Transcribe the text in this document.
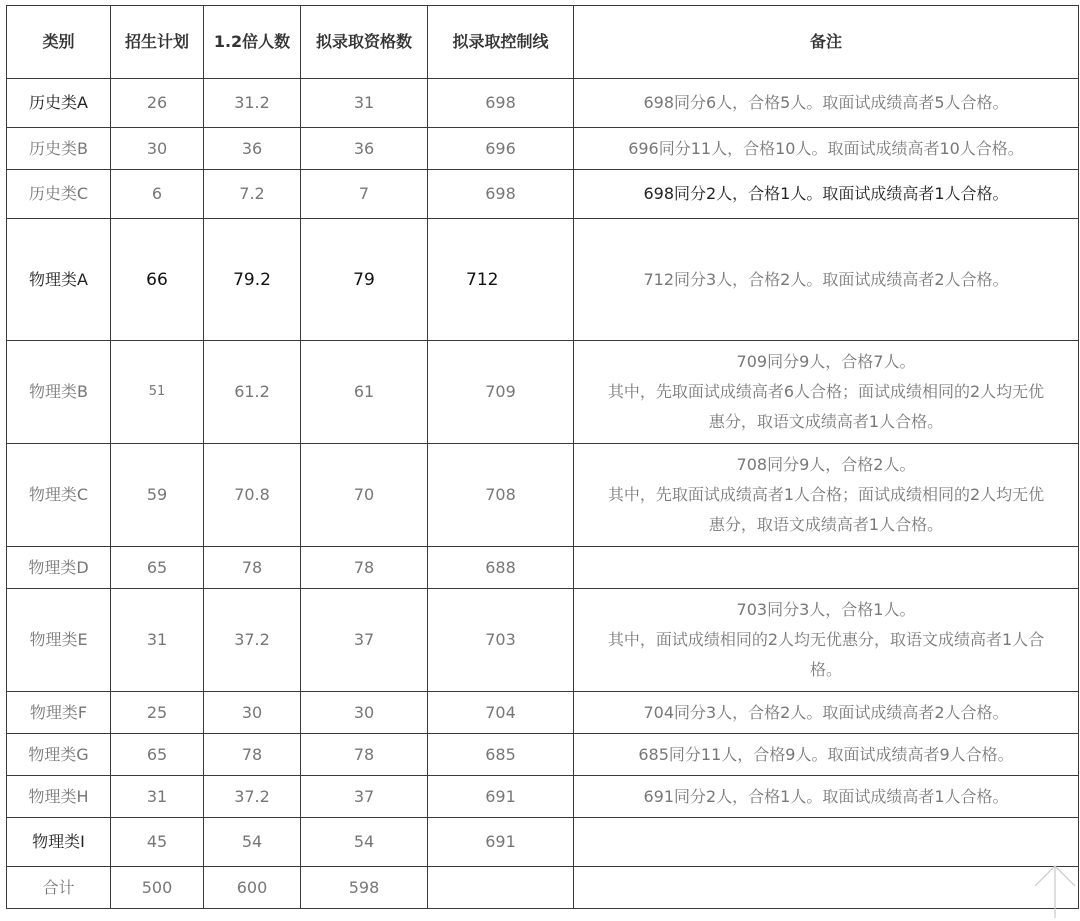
类别	招生计划	1.2倍人数	拟录取资格数	拟录取控制线	备注
历史类A	26	31.2	31	698	698同分6人，合格5人。取面试成绩高者5人合格。

历史类B	30	36	36	696	696同分11人，合格10人。取面试成绩高者10人合格。

历史类C	6	7.2	7	698	698同分2人，合格1人。取面试成绩高者1人合格。

物理类A	66	79.2	79	712	712同分3人，合格2人。取面试成绩高者2人合格。

物理类B	51	61.2	61	709	709同分9人，合格7人。
其中，先取面试成绩高者6人合格；面试成绩相同的2人均无优
惠分，取语文成绩高者1人合格。

物理类C	59	70.8	70	708	708同分9人，合格2人。
其中，先取面试成绩高者1人合格；面试成绩相同的2人均无优
惠分，取语文成绩高者1人合格。

物理类D	65	78	78	688	
物理类E	31	37.2	37	703	703同分3人，合格1人。
其中，面试成绩相同的2人均无优惠分，取语文成绩高者1人合
格。

物理类F	25	30	30	704	704同分3人，合格2人。取面试成绩高者2人合格。

物理类G	65	78	78	685	685同分11人，合格9人。取面试成绩高者9人合格。

物理类H	31	37.2	37	691	691同分2人，合格1人。取面试成绩高者1人合格。

物理类I	45	54	54	691	
合计	500	600	598		
